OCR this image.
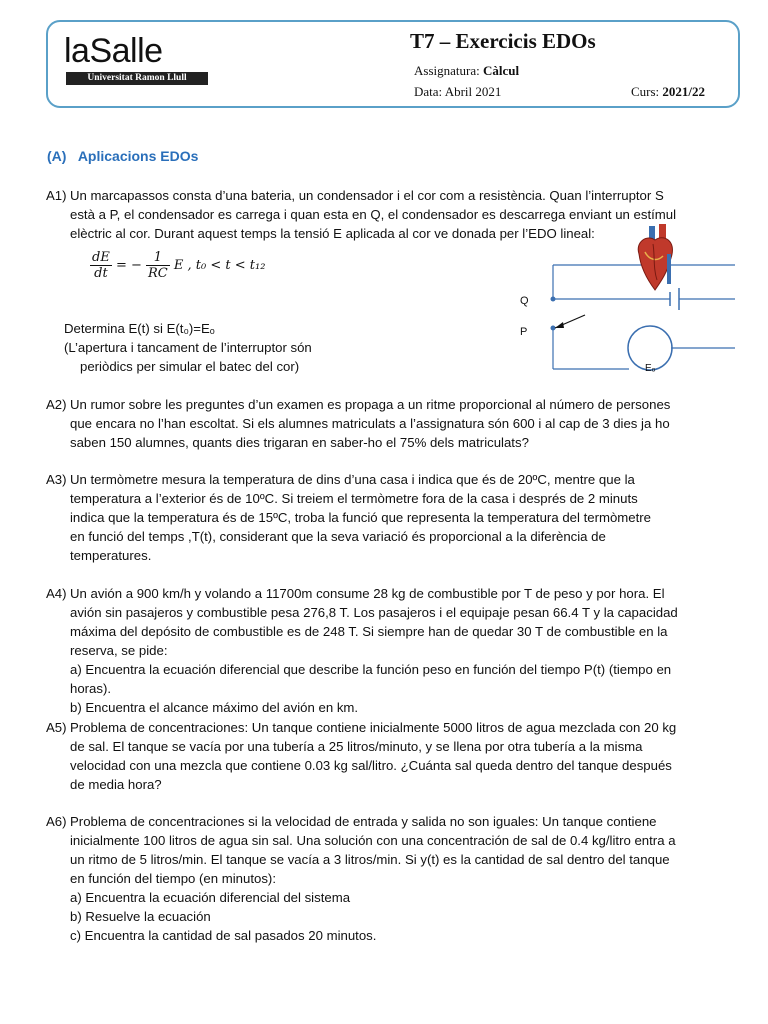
laSalle
Universitat Ramon Llull
T7 – Exercicis EDOs
Assignatura: Càlcul
Data: Abril 2021	Curs: 2021/22
(A) Aplicacions EDOs
A1) Un marcapassos consta d’una bateria, un condensador i el cor com a resistència. Quan l’interruptor S
està a P, el condensador es carrega i quan esta en Q, el condensador es descarrega enviant un estímul
elèctric al cor. Durant aquest temps la tensió E aplicada al cor ve donada per l’EDO lineal:
$\frac{dE}{dt}$ = − $\frac{1}{RC}$ E , t₀ < t < t₁₂
Determina E(t) si E(t₀)=Eₒ
(L’apertura i tancament de l’interruptor són
periòdics per simular el batec del cor)	Eₒ
Q
P
A2) Un rumor sobre les preguntes d’un examen es propaga a un ritme proporcional al número de persones
que encara no l’han escoltat. Si els alumnes matriculats a l’assignatura són 600 i al cap de 3 dies ja ho
saben 150 alumnes, quants dies trigaran en saber-ho el 75% dels matriculats?
A3) Un termòmetre mesura la temperatura de dins d’una casa i indica que és de 20ºC, mentre que la
temperatura a l’exterior és de 10ºC. Si treiem el termòmetre fora de la casa i després de 2 minuts
indica que la temperatura és de 15ºC, troba la funció que representa la temperatura del termòmetre
en funció del temps ,T(t), considerant que la seva variació és proporcional a la diferència de
temperatures.
A4) Un avión a 900 km/h y volando a 11700m consume 28 kg de combustible por T de peso y por hora. El
avión sin pasajeros y combustible pesa 276,8 T. Los pasajeros i el equipaje pesan 66.4 T y la capacidad
máxima del depósito de combustible es de 248 T. Si siempre han de quedar 30 T de combustible en la
reserva, se pide:
a) Encuentra la ecuación diferencial que describe la función peso en función del tiempo P(t) (tiempo en
horas).
b) Encuentra el alcance máximo del avión en km.
A5) Problema de concentraciones: Un tanque contiene inicialmente 5000 litros de agua mezclada con 20 kg
de sal. El tanque se vacía por una tubería a 25 litros/minuto, y se llena por otra tubería a la misma
velocidad con una mezcla que contiene 0.03 kg sal/litro. ¿Cuánta sal queda dentro del tanque después
de media hora?
A6) Problema de concentraciones si la velocidad de entrada y salida no son iguales: Un tanque contiene
inicialmente 100 litros de agua sin sal. Una solución con una concentración de sal de 0.4 kg/litro entra a
un ritmo de 5 litros/min. El tanque se vacía a 3 litros/min. Si y(t) es la cantidad de sal dentro del tanque
en función del tiempo (en minutos):
a) Encuentra la ecuación diferencial del sistema
b) Resuelve la ecuación
c) Encuentra la cantidad de sal pasados 20 minutos.
